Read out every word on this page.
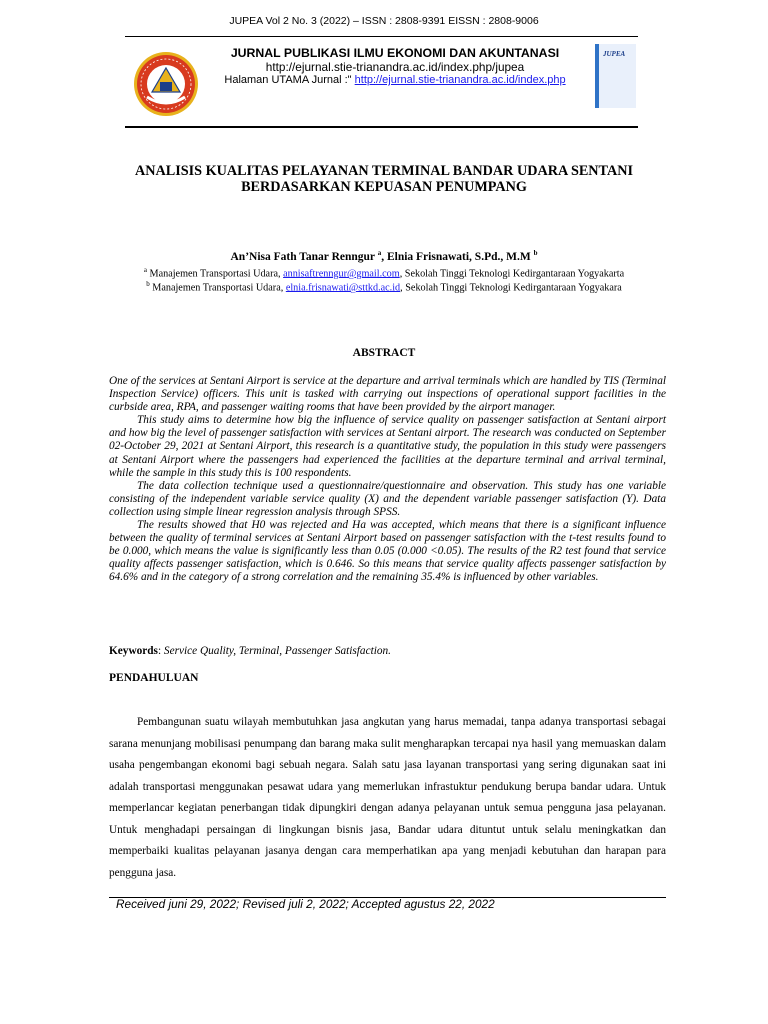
JUPEA Vol 2 No. 3 (2022) – ISSN : 2808-9391 EISSN : 2808-9006
JURNAL PUBLIKASI ILMU EKONOMI DAN AKUNTANASI
http://ejurnal.stie-trianandra.ac.id/index.php/jupea
Halaman UTAMA Jurnal :" http://ejurnal.stie-trianandra.ac.id/index.php
JUPEA
ANALISIS KUALITAS PELAYANAN TERMINAL BANDAR UDARA SENTANI
BERDASARKAN KEPUASAN PENUMPANG
An’Nisa Fath Tanar Renngur $^a$, Elnia Frisnawati, S.Pd., M.M $^b$
$^a$ Manajemen Transportasi Udara, annisaftrenngur@gmail.com, Sekolah Tinggi Teknologi Kedirgantaraan Yogyakarta
$^b$ Manajemen Transportasi Udara, elnia.frisnawati@sttkd.ac.id, Sekolah Tinggi Teknologi Kedirgantaraan Yogyakara
ABSTRACT

One of the services at Sentani Airport is service at the departure and arrival terminals which are handled by TIS (Terminal Inspection Service) officers. This unit is tasked with carrying out inspections of operational support facilities in the curbside area, RPA, and passenger waiting rooms that have been provided by the airport manager.

This study aims to determine how big the influence of service quality on passenger satisfaction at Sentani airport and how big the level of passenger satisfaction with services at Sentani airport. The research was conducted on September 02-October 29, 2021 at Sentani Airport, this research is a quantitative study, the population in this study were passengers at Sentani Airport where the passengers had experienced the facilities at the departure terminal and arrival terminal, while the sample in this study this is 100 respondents.

The data collection technique used a questionnaire/questionnaire and observation. This study has one variable consisting of the independent variable service quality (X) and the dependent variable passenger satisfaction (Y). Data collection using simple linear regression analysis through SPSS.

The results showed that H0 was rejected and Ha was accepted, which means that there is a significant influence between the quality of terminal services at Sentani Airport based on passenger satisfaction with the t-test results found to be 0.000, which means the value is significantly less than 0.05 (0.000 <0.05). The results of the R2 test found that service quality affects passenger satisfaction, which is 0.646. So this means that service quality affects passenger satisfaction by 64.6% and in the category of a strong correlation and the remaining 35.4% is influenced by other variables.

Keywords: Service Quality, Terminal, Passenger Satisfaction.
PENDAHULUAN

Pembangunan suatu wilayah membutuhkan jasa angkutan yang harus memadai, tanpa adanya transportasi sebagai sarana menunjang mobilisasi penumpang dan barang maka sulit mengharapkan tercapai nya hasil yang memuaskan dalam usaha pengembangan ekonomi bagi sebuah negara. Salah satu jasa layanan transportasi yang sering digunakan saat ini adalah transportasi menggunakan pesawat udara yang memerlukan infrastuktur pendukung berupa bandar udara. Untuk memperlancar kegiatan penerbangan tidak dipungkiri dengan adanya pelayanan untuk semua pengguna jasa pelayanan. Untuk menghadapi persaingan di lingkungan bisnis jasa, Bandar udara dituntut untuk selalu meningkatkan dan memperbaiki kualitas pelayanan jasanya dengan cara memperhatikan apa yang menjadi kebutuhan dan harapan para pengguna jasa.

Received juni 29, 2022; Revised juli 2, 2022; Accepted agustus 22, 2022
